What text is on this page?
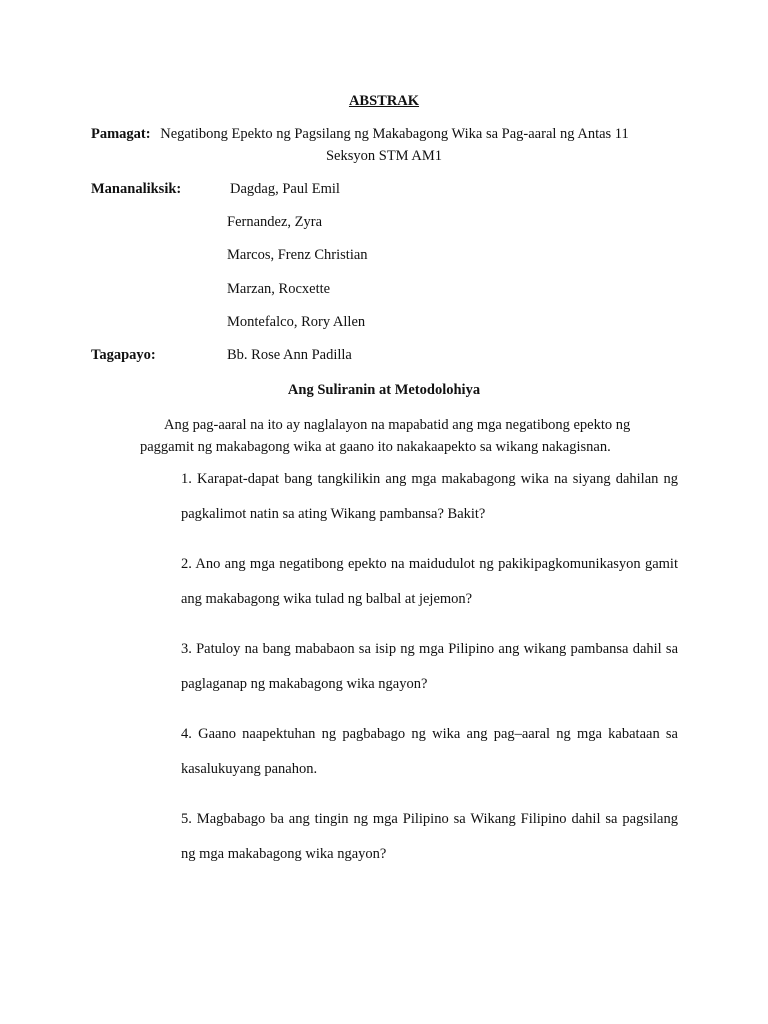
ABSTRAK
Pamagat: Negatibong Epekto ng Pagsilang ng Makabagong Wika sa Pag-aaral ng Antas 11
Seksyon STM AM1
Mananaliksik:	Dagdag, Paul Emil
Fernandez, Zyra
Marcos, Frenz Christian
Marzan, Rocxette
Montefalco, Rory Allen
Tagapayo:	Bb. Rose Ann Padilla
Ang Suliranin at Metodolohiya
Ang pag-aaral na ito ay naglalayon na mapabatid ang mga negatibong epekto ng paggamit ng makabagong wika at gaano ito nakakaapekto sa wikang nakagisnan.
1. Karapat-dapat bang tangkilikin ang mga makabagong wika na siyang dahilan ng pagkalimot natin sa ating Wikang pambansa? Bakit?
2. Ano ang mga negatibong epekto na maidudulot ng pakikipagkomunikasyon gamit ang makabagong wika tulad ng balbal at jejemon?
3. Patuloy na bang mababaon sa isip ng mga Pilipino ang wikang pambansa dahil sa paglaganap ng makabagong wika ngayon?
4. Gaano naapektuhan ng pagbabago ng wika ang pag–aaral ng mga kabataan sa kasalukuyang panahon.
5. Magbabago ba ang tingin ng mga Pilipino sa Wikang Filipino dahil sa pagsilang ng mga makabagong wika ngayon?
